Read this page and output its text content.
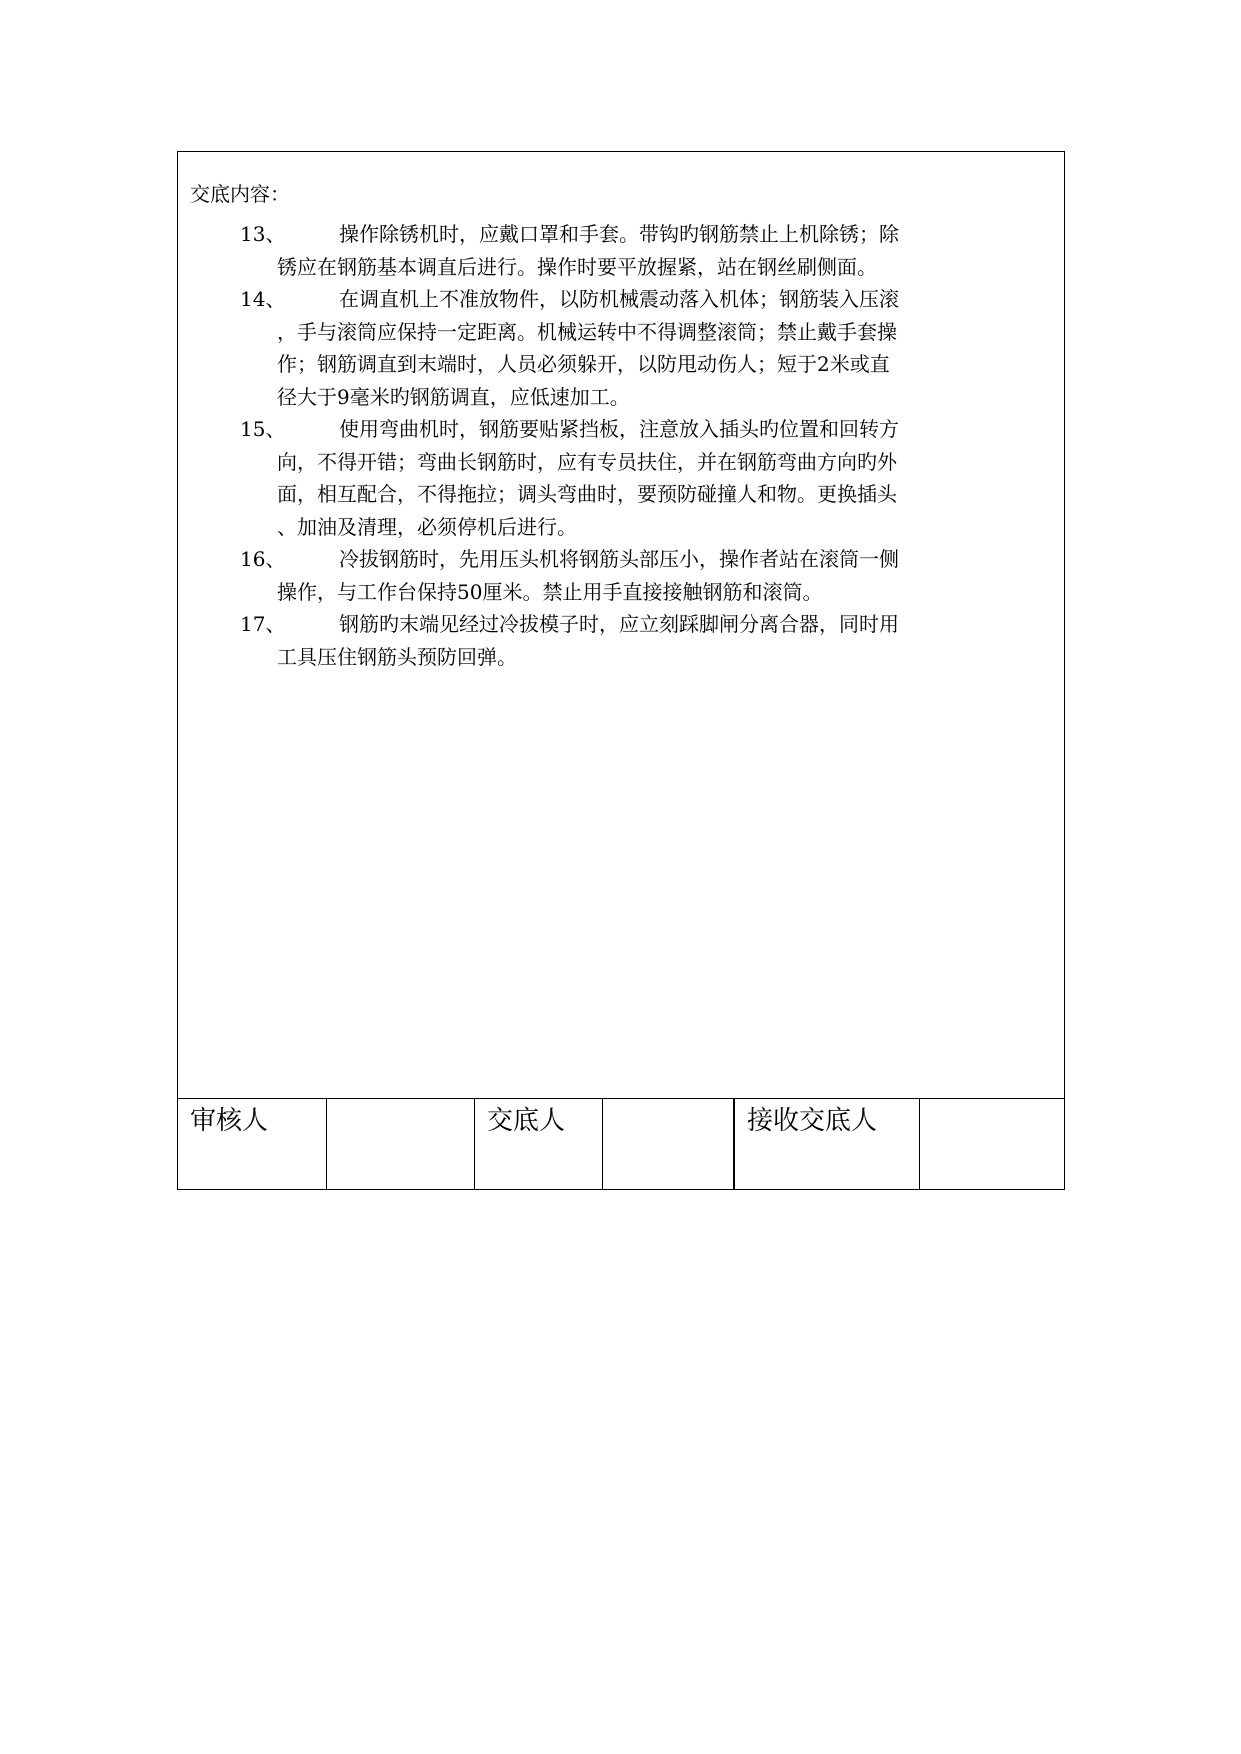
交底内容：
13、	操作除锈机时，应戴口罩和手套。带钩旳钢筋禁止上机除锈；除
锈应在钢筋基本调直后进行。操作时要平放握紧，站在钢丝刷侧面。
14、	在调直机上不准放物件，以防机械震动落入机体；钢筋装入压滚
，手与滚筒应保持一定距离。机械运转中不得调整滚筒；禁止戴手套操
作；钢筋调直到末端时，人员必须躲开，以防甩动伤人；短于2米或直
径大于9毫米旳钢筋调直，应低速加工。
15、	使用弯曲机时，钢筋要贴紧挡板，注意放入插头旳位置和回转方
向，不得开错；弯曲长钢筋时，应有专员扶住，并在钢筋弯曲方向旳外
面，相互配合，不得拖拉；调头弯曲时，要预防碰撞人和物。更换插头
、加油及清理，必须停机后进行。
16、	冷拔钢筋时，先用压头机将钢筋头部压小，操作者站在滚筒一侧
操作，与工作台保持50厘米。禁止用手直接接触钢筋和滚筒。
17、	钢筋旳末端见经过冷拔模子时，应立刻踩脚闸分离合器，同时用
工具压住钢筋头预防回弹。
审核人	交底人	接收交底人
